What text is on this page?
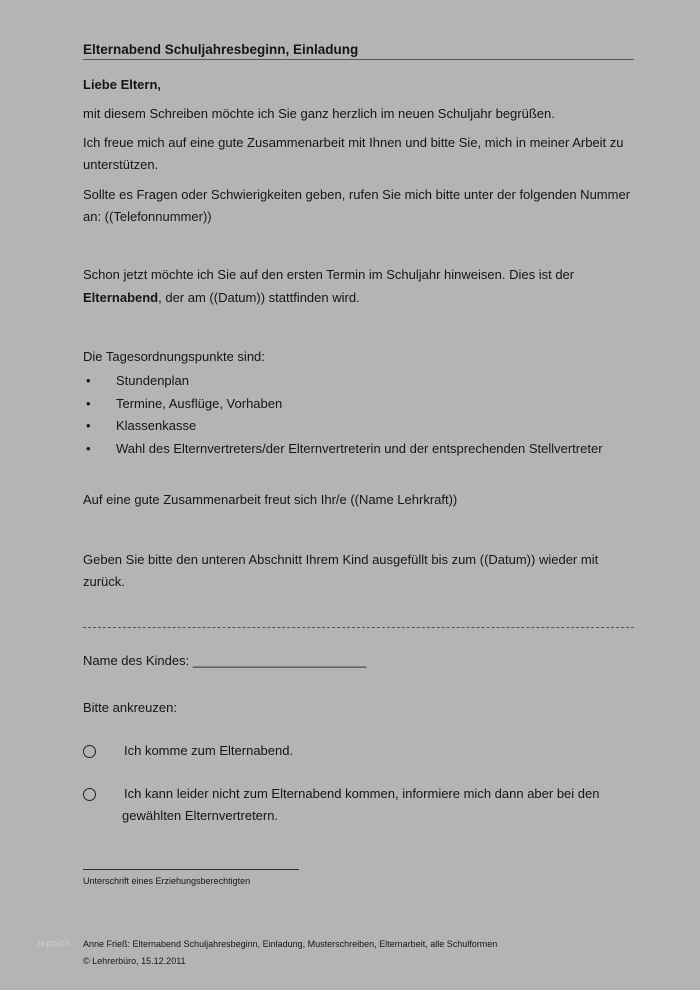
Elternabend Schuljahresbeginn, Einladung
Liebe Eltern,
mit diesem Schreiben möchte ich Sie ganz herzlich im neuen Schuljahr begrüßen.
Ich freue mich auf eine gute Zusammenarbeit mit Ihnen und bitte Sie, mich in meiner Arbeit zu
unterstützen.
Sollte es Fragen oder Schwierigkeiten geben, rufen Sie mich bitte unter der folgenden Nummer
an: ((Telefonnummer))
Schon jetzt möchte ich Sie auf den ersten Termin im Schuljahr hinweisen. Dies ist der
Elternabend, der am ((Datum)) stattfinden wird.
Die Tagesordnungspunkte sind:
• Stundenplan
• Termine, Ausflüge, Vorhaben
• Klassenkasse
• Wahl des Elternvertreters/der Elternvertreterin und der entsprechenden Stellvertreter
Auf eine gute Zusammenarbeit freut sich Ihr/e ((Name Lehrkraft))
Geben Sie bitte den unteren Abschnitt Ihrem Kind ausgefüllt bis zum ((Datum)) wieder mit
zurück.
Name des Kindes: ________________________
Bitte ankreuzen:
Ich komme zum Elternabend.
Ich kann leider nicht zum Elternabend kommen, informiere mich dann aber bei den
gewählten Elternvertretern.
Unterschrift eines Erziehungsberechtigten
teppich Anne Frieß: Elternabend Schuljahresbeginn, Einladung, Musterschreiben, Elternarbeit, alle Schulformen
© Lehrerbüro, 15.12.2011
